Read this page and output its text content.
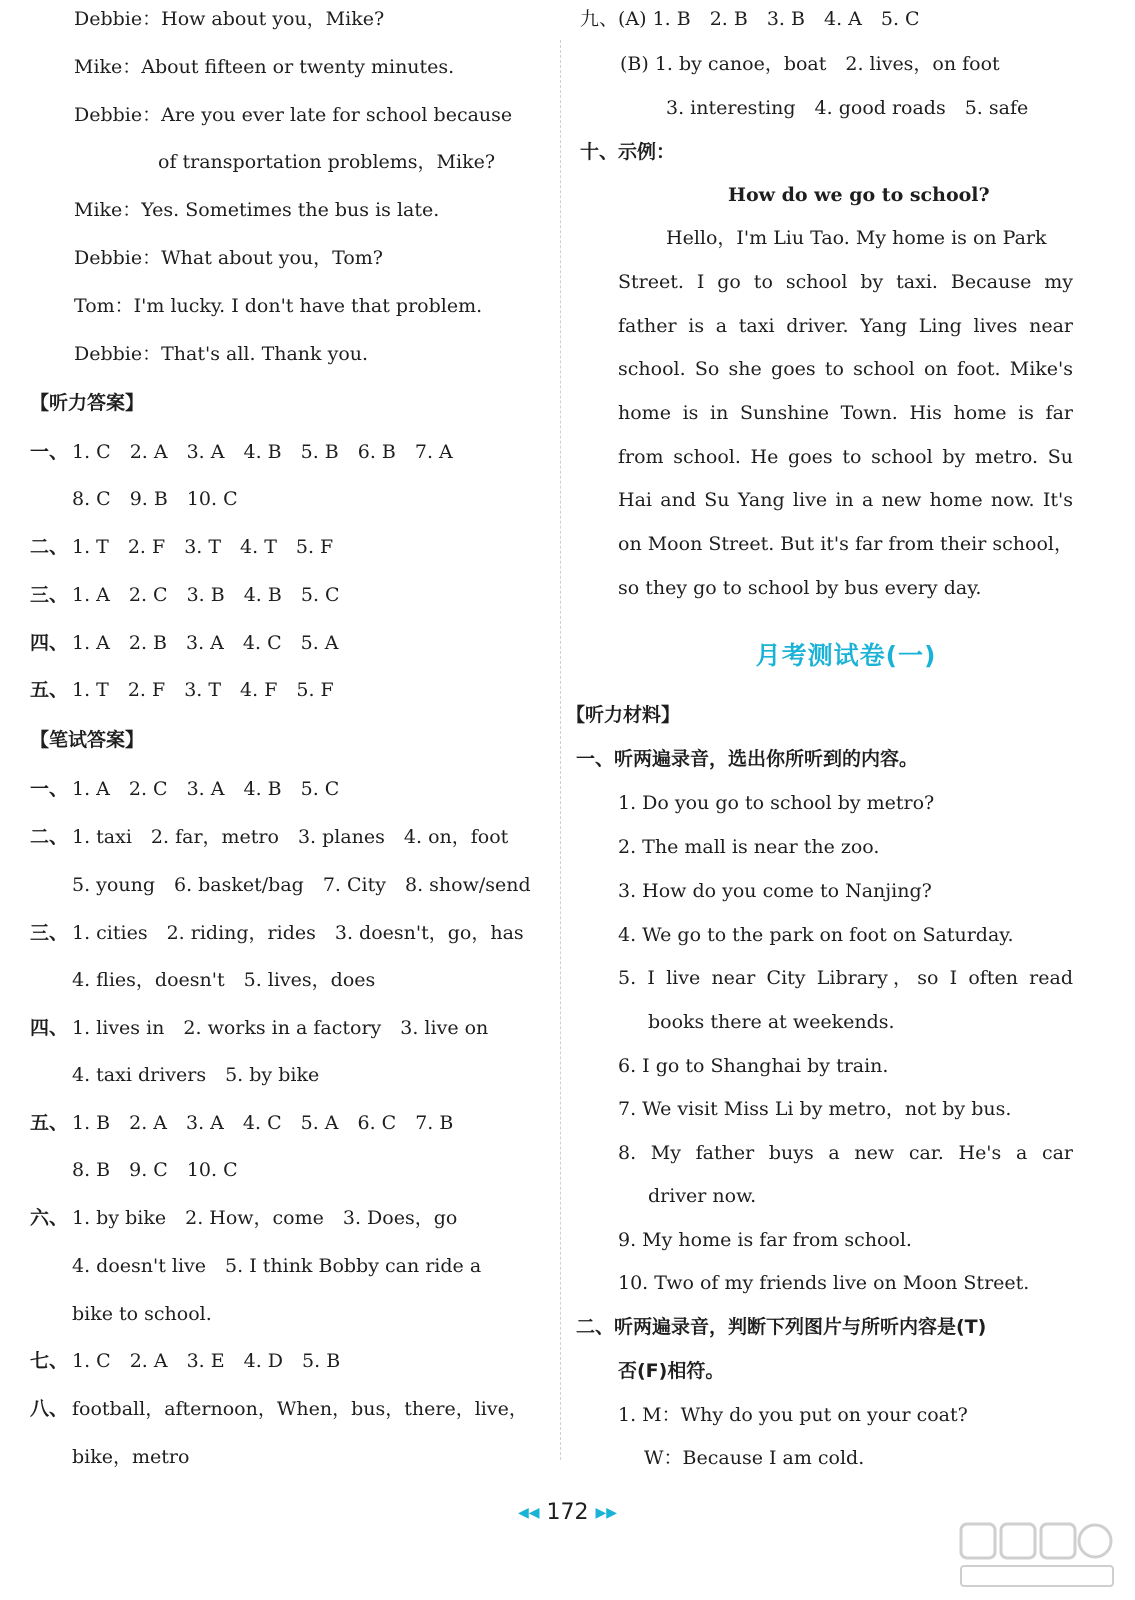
Debbie：How about you，Mike?
Mike：About fifteen or twenty minutes.
Debbie：Are you ever late for school because
of transportation problems，Mike?
Mike：Yes. Sometimes the bus is late.
Debbie：What about you，Tom?
Tom：I'm lucky. I don't have that problem.
Debbie：That's all. Thank you.
【听力答案】
一、 1. C　2. A　3. A　4. B　5. B　6. B　7. A
8. C　9. B　10. C
二、 1. T　2. F　3. T　4. T　5. F
三、 1. A　2. C　3. B　4. B　5. C
四、 1. A　2. B　3. A　4. C　5. A
五、 1. T　2. F　3. T　4. F　5. F
【笔试答案】
一、 1. A　2. C　3. A　4. B　5. C
二、 1. taxi　2. far，metro　3. planes　4. on，foot
5. young　6. basket/bag　7. City　8. show/send
三、 1. cities　2. riding，rides　3. doesn't，go，has
4. flies，doesn't　5. lives，does
四、 1. lives in　2. works in a factory　3. live on
4. taxi drivers　5. by bike
五、 1. B　2. A　3. A　4. C　5. A　6. C　7. B
8. B　9. C　10. C
六、 1. by bike　2. How，come　3. Does，go
4. doesn't live　5. I think Bobby can ride a
bike to school.
七、 1. C　2. A　3. E　4. D　5. B
八、 football，afternoon，When，bus，there，live，
bike，metro
九、(A) 1. B　2. B　3. B　4. A　5. C
(B) 1. by canoe，boat　2. lives，on foot
3. interesting　4. good roads　5. safe
十、示例：
How do we go to school?
Hello，I'm Liu Tao. My home is on Park
Street. I go to school by taxi. Because my
father is a taxi driver. Yang Ling lives near
school. So she goes to school on foot. Mike's
home is in Sunshine Town. His home is far
from school. He goes to school by metro. Su
Hai and Su Yang live in a new home now. It's
on Moon Street. But it's far from their school，
so they go to school by bus every day.
月考测试卷(一)
【听力材料】
一、听两遍录音，选出你所听到的内容。
1. Do you go to school by metro?
2. The mall is near the zoo.
3. How do you come to Nanjing?
4. We go to the park on foot on Saturday.
5. I live near City Library，so I often read
books there at weekends.
6. I go to Shanghai by train.
7. We visit Miss Li by metro，not by bus.
8. My father buys a new car. He's a car
driver now.
9. My home is far from school.
10. Two of my friends live on Moon Street.
二、听两遍录音，判断下列图片与所听内容是(T)
否(F)相符。
1. M：Why do you put on your coat?
W：Because I am cold.
◀◀ 172 ▶▶
